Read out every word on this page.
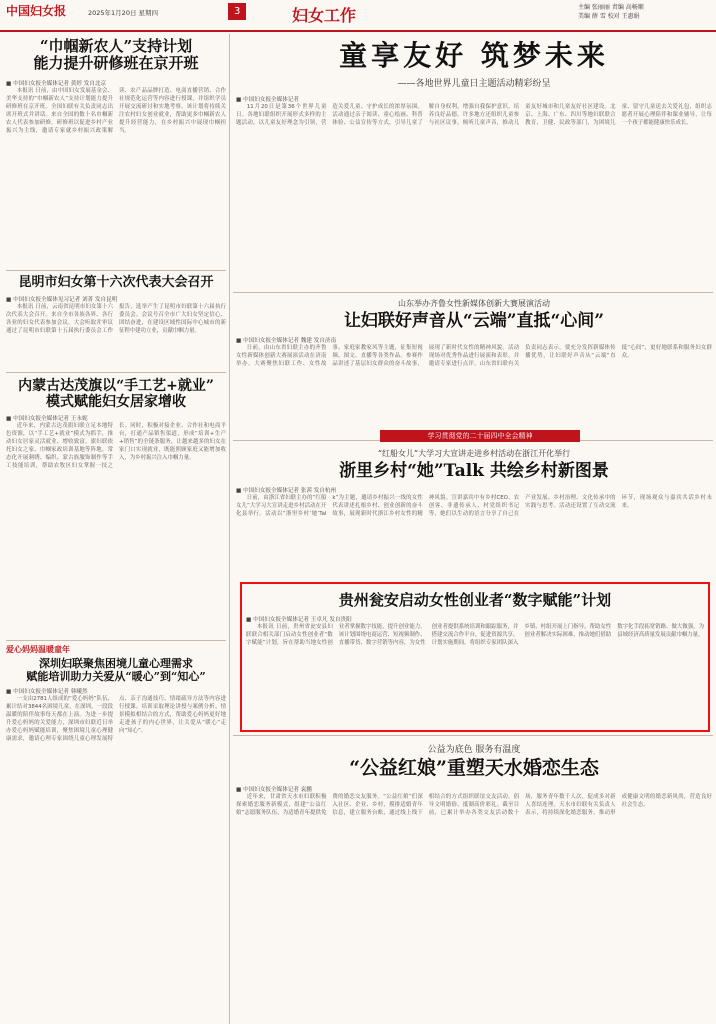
中国妇女报	2025年1月20日 星期四	3	妇女工作	主编 张丽丽 责编 高畅顺
美编 薛 雪 校对 王惠娟
“巾帼新农人”支持计划
能力提升研修班在京开班
■ 中国妇女报全媒体记者 黄婷 发自北京

本报讯 日前，由中国妇女发展基金会、美华支持的“巾帼新农人”支持计划能力提升研修班在京开班。全国妇联有关负责同志出席开班式并讲话。来自全国的数十名巾帼新农人代表参加研修。研修班以促进乡村产业振兴为主线，邀请专家就乡村振兴政策解读、农产品品牌打造、电商直播营销、合作社规范化运营等内容进行授课，并组织学员开展交流研讨和实地考察。该计划将持续关注农村妇女创业就业，帮助更多巾帼新农人提升经营能力，在乡村振兴中展现巾帼担当。

昆明市妇女第十六次代表大会召开
■ 中国妇女报全媒体见习记者 刘菁 发自昆明

本报讯 日前，云南省昆明市妇女第十六次代表大会召开。来自全市各族各界、各行各业的妇女代表参加会议。大会听取并审议通过了昆明市妇联第十五届执行委员会工作报告，选举产生了昆明市妇联第十六届执行委员会。会议号召全市广大妇女坚定信心、团结奋进，在建设区域性国际中心城市的新征程中建功立业，贡献巾帼力量。

内蒙古达茂旗以“手工艺+就业”
模式赋能妇女居家增收
■ 中国妇女报全媒体记者 王永妮

近年来，内蒙古达茂旗妇联立足本地特色资源，以“手工艺+就业”模式为抓手，推动妇女居家灵活就业、增收致富。旗妇联依托妇女之家、巾帼家政培训基地等阵地，常态化开展刺绣、编织、蒙古族服饰制作等手工技能培训，帮助农牧区妇女掌握一技之长。同时，积极对接企业、合作社和电商平台，打通产品销售渠道，形成“培训+生产+销售”的全链条服务，让越来越多的妇女在家门口实现就业，既能照顾家庭又能增加收入，为乡村振兴注入巾帼力量。

爱心妈妈温暖童年
深圳妇联聚焦困境儿童心理需求
赋能培训助力关爱从“暖心”到“知心”
■ 中国妇女报全媒体记者 韩曦然

一支由2781人组成的“爱心妈妈”队伍，累计结对3844名困境儿童，在深圳，一段段温暖的陪伴故事每天都在上演。为进一步提升爱心妈妈的关爱能力，深圳市妇联近日举办爱心妈妈赋能培训，聚焦困境儿童心理健康需求，邀请心理专家围绕儿童心理发展特点、亲子沟通技巧、情绪疏导方法等内容进行授课。培训采取理论讲授与案例分析、情景模拟相结合的方式，帮助爱心妈妈更好地走进孩子的内心世界，让关爱从“暖心”走向“知心”。

童享友好 筑梦未来
——各地世界儿童日主题活动精彩纷呈
■ 中国妇女报全媒体记者

11月20日是第36个世界儿童日。各地妇联组织开展形式多样的主题活动，以儿童友好理念为引领，营造关爱儿童、守护成长的浓厚氛围。活动通过亲子阅读、童心绘画、科普体验、公益宣传等方式，引导儿童了解自身权利，增强自我保护意识，培养良好品德。许多地方还组织儿童参与社区议事，倾听儿童声音，推动儿童友好城市和儿童友好社区建设。北京、上海、广东、四川等地妇联联合教育、卫健、民政等部门，为困境儿童、留守儿童送去关爱礼包，组织志愿者开展心理陪伴和课业辅导，让每一个孩子都能健康快乐成长。

山东举办齐鲁女性新媒体创新大赛展演活动
让妇联好声音从“云端”直抵“心间”
■ 中国妇女报全媒体记者 魏建 发自济南

日前，由山东省妇联主办的齐鲁女性新媒体创新大赛展演活动在济南举办。大赛聚焦妇联工作、女性故事、家庭家教家风等主题，征集短视频、图文、直播等各类作品。参赛作品讲述了基层妇女群众的奋斗故事，展现了新时代女性的精神风貌。活动现场对优秀作品进行展演和表彰，并邀请专家进行点评。山东省妇联有关负责同志表示，要充分发挥新媒体传播优势，让妇联好声音从“云端”直抵“心间”，更好地联系和服务妇女群众。

学习贯彻党的二十届四中全会精神
“红船女儿”大学习大宣讲走进乡村活动在浙江开化举行
浙里乡村“她”Talk 共绘乡村新图景
■ 中国妇女报全媒体记者 张茜 发自杭州

日前，由浙江省妇联主办的“红船女儿”大学习大宣讲走进乡村活动在开化县举行。活动以“浙里乡村‘她’Talk”为主题，邀请乡村振兴一线的女性代表讲述扎根乡村、创业创新的奋斗故事，展现新时代浙江乡村女性的精神风貌。宣讲嘉宾中有乡村CEO、农创客、非遗传承人、村党组织书记等，她们以生动的语言分享了自己在产业发展、乡村治理、文化传承中的实践与思考。活动还设置了互动交流环节，现场观众与嘉宾共话乡村未来。

贵州瓮安启动女性创业者“数字赋能”计划
■ 中国妇女报全媒体记者 王卓凡 发自贵阳

本报讯 日前，贵州省瓮安县妇联联合相关部门启动女性创业者“数字赋能”计划，旨在帮助当地女性创业者掌握数字技能，提升创业能力。该计划围绕电商运营、短视频制作、直播带货、数字营销等内容，为女性创业者提供系统培训和跟踪服务，并搭建交流合作平台，促进资源共享。计划实施期间，将组织专家团队深入乡镇、村组开展上门指导，帮助女性创业者解决实际困难，推动她们借助数字化手段拓宽销路、做大做强，为县域经济高质量发展贡献巾帼力量。

公益为底色 服务有温度
“公益红娘”重塑天水婚恋生态
■ 中国妇女报全媒体记者 袁鹏

近年来，甘肃省天水市妇联积极探索婚恋服务新模式，组建“公益红娘”志愿服务队伍，为适婚青年提供免费的婚恋交友服务。“公益红娘”们深入社区、企业、乡村，摸排适婚青年信息，建立服务台账，通过线上线下相结合的方式组织联谊交友活动，倡导文明婚俗、抵制高价彩礼。截至目前，已累计举办各类交友活动数十场，服务青年数千人次，促成多对新人喜结连理。天水市妇联有关负责人表示，将持续深化婚恋服务，推动形成健康文明的婚恋新风尚，营造良好社会生态。
